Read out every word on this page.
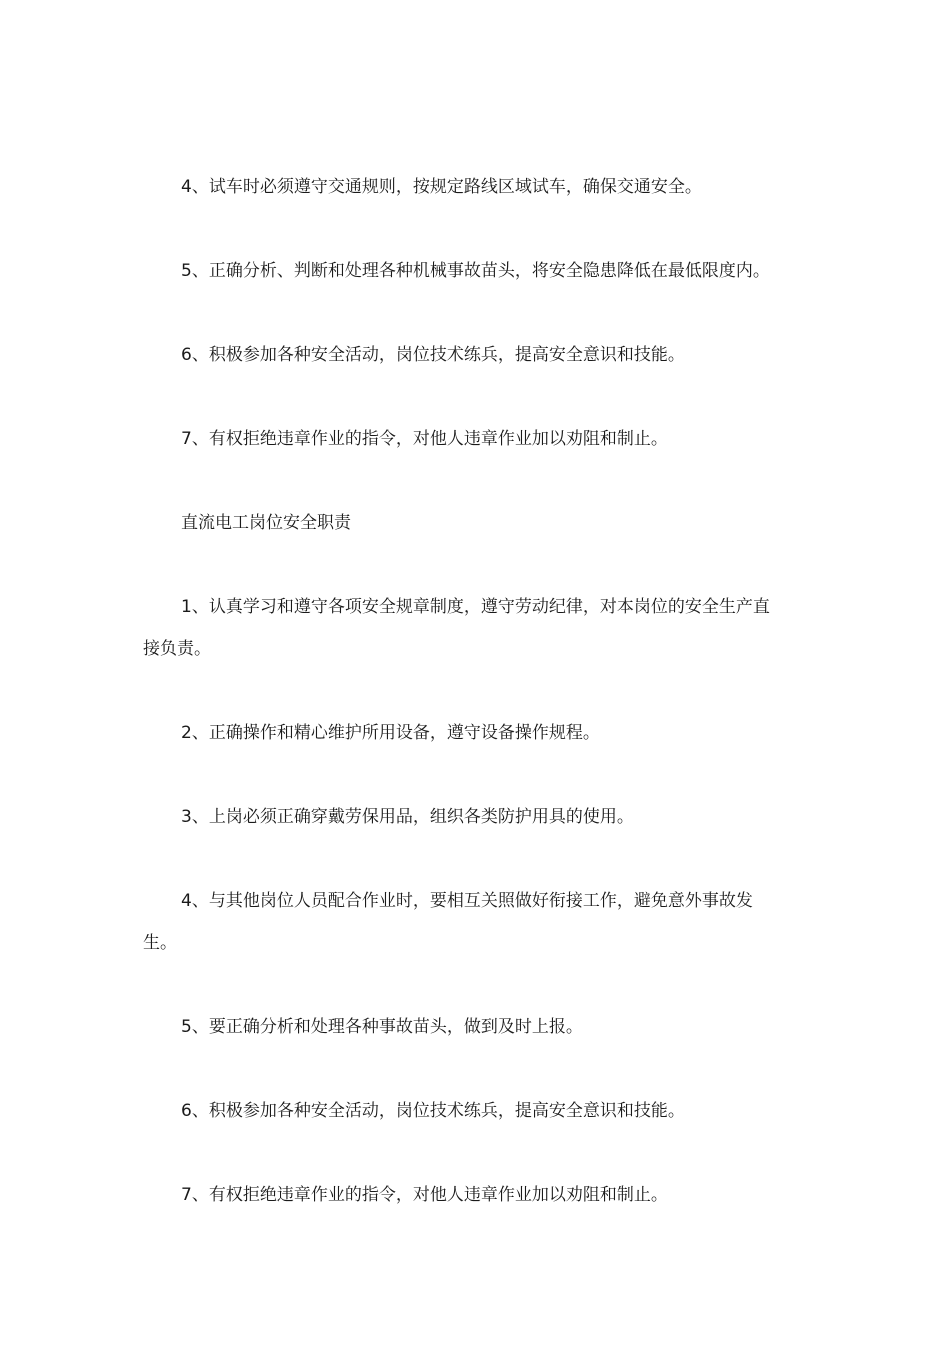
4、试车时必须遵守交通规则，按规定路线区域试车，确保交通安全。

5、正确分析、判断和处理各种机械事故苗头，将安全隐患降低在最低限度内。

6、积极参加各种安全活动，岗位技术练兵，提高安全意识和技能。

7、有权拒绝违章作业的指令，对他人违章作业加以劝阻和制止。

直流电工岗位安全职责

1、认真学习和遵守各项安全规章制度，遵守劳动纪律，对本岗位的安全生产直接负责。

2、正确操作和精心维护所用设备，遵守设备操作规程。

3、上岗必须正确穿戴劳保用品，组织各类防护用具的使用。

4、与其他岗位人员配合作业时，要相互关照做好衔接工作，避免意外事故发生。

5、要正确分析和处理各种事故苗头，做到及时上报。

6、积极参加各种安全活动，岗位技术练兵，提高安全意识和技能。

7、有权拒绝违章作业的指令，对他人违章作业加以劝阻和制止。
